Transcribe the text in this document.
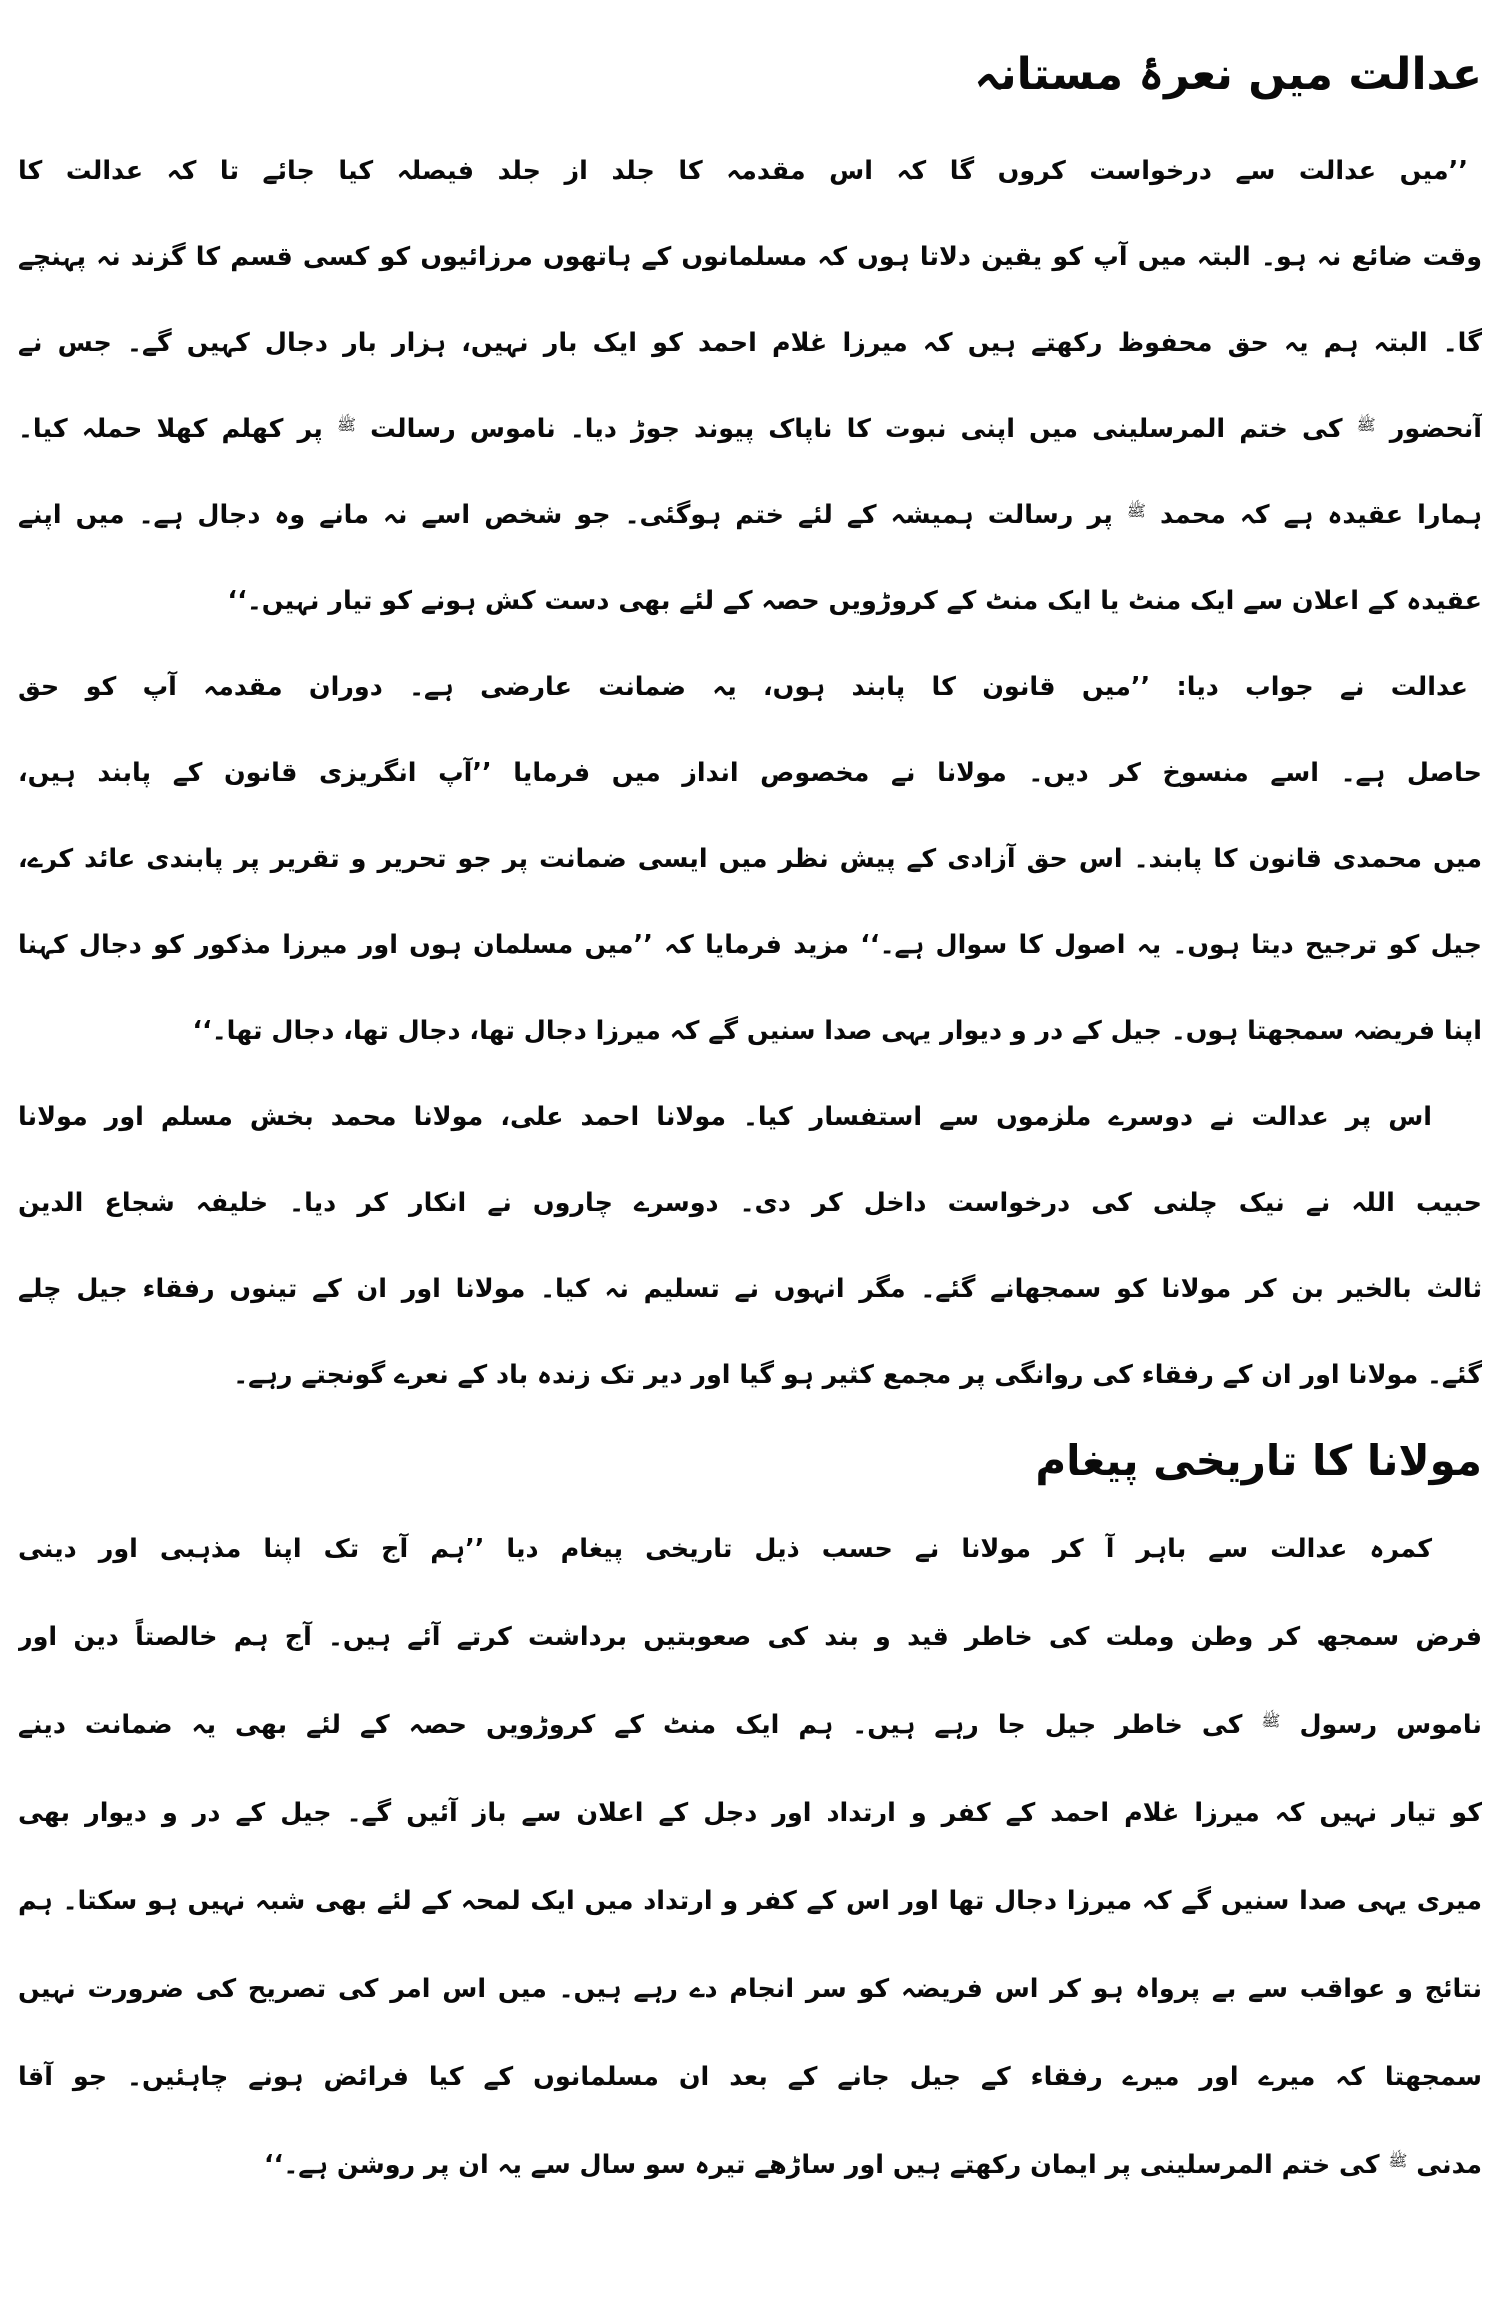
عدالت میں نعرۂ مستانہ
’’میں عدالت سے درخواست کروں گا کہ اس مقدمہ کا جلد از جلد فیصلہ کیا جائے تا کہ عدالت کا
وقت ضائع نہ ہو۔ البتہ میں آپ کو یقین دلاتا ہوں کہ مسلمانوں کے ہاتھوں مرزائیوں کو کسی قسم کا گزند نہ پہنچے
گا۔ البتہ ہم یہ حق محفوظ رکھتے ہیں کہ میرزا غلام احمد کو ایک بار نہیں، ہزار بار دجال کہیں گے۔ جس نے
آنحضور $^ﷺ$ کی ختم المرسلینی میں اپنی نبوت کا ناپاک پیوند جوڑ دیا۔ ناموس رسالت $^ﷺ$ پر کھلم کھلا حملہ کیا۔
ہمارا عقیدہ ہے کہ محمد $^ﷺ$ پر رسالت ہمیشہ کے لئے ختم ہوگئی۔ جو شخص اسے نہ مانے وہ دجال ہے۔ میں اپنے
عقیدہ کے اعلان سے ایک منٹ یا ایک منٹ کے کروڑویں حصہ کے لئے بھی دست کش ہونے کو تیار نہیں۔‘‘
عدالت نے جواب دیا: ’’میں قانون کا پابند ہوں، یہ ضمانت عارضی ہے۔ دوران مقدمہ آپ کو حق
حاصل ہے۔ اسے منسوخ کر دیں۔ مولانا نے مخصوص انداز میں فرمایا ’’آپ انگریزی قانون کے پابند ہیں،
میں محمدی قانون کا پابند۔ اس حق آزادی کے پیش نظر میں ایسی ضمانت پر جو تحریر و تقریر پر پابندی عائد کرے،
جیل کو ترجیح دیتا ہوں۔ یہ اصول کا سوال ہے۔‘‘ مزید فرمایا کہ ’’میں مسلمان ہوں اور میرزا مذکور کو دجال کہنا
اپنا فریضہ سمجھتا ہوں۔ جیل کے در و دیوار یہی صدا سنیں گے کہ میرزا دجال تھا، دجال تھا، دجال تھا۔‘‘
اس پر عدالت نے دوسرے ملزموں سے استفسار کیا۔ مولانا احمد علی، مولانا محمد بخش مسلم اور مولانا
حبیب اللہ نے نیک چلنی کی درخواست داخل کر دی۔ دوسرے چاروں نے انکار کر دیا۔ خلیفہ شجاع الدین
ثالث بالخیر بن کر مولانا کو سمجھانے گئے۔ مگر انہوں نے تسلیم نہ کیا۔ مولانا اور ان کے تینوں رفقاء جیل چلے
گئے۔ مولانا اور ان کے رفقاء کی روانگی پر مجمع کثیر ہو گیا اور دیر تک زندہ باد کے نعرے گونجتے رہے۔
مولانا کا تاریخی پیغام
کمرہ عدالت سے باہر آ کر مولانا نے حسب ذیل تاریخی پیغام دیا ’’ہم آج تک اپنا مذہبی اور دینی
فرض سمجھ کر وطن وملت کی خاطر قید و بند کی صعوبتیں برداشت کرتے آئے ہیں۔ آج ہم خالصتاً دین اور
ناموس رسول $^ﷺ$ کی خاطر جیل جا رہے ہیں۔ ہم ایک منٹ کے کروڑویں حصہ کے لئے بھی یہ ضمانت دینے
کو تیار نہیں کہ میرزا غلام احمد کے کفر و ارتداد اور دجل کے اعلان سے باز آئیں گے۔ جیل کے در و دیوار بھی
میری یہی صدا سنیں گے کہ میرزا دجال تھا اور اس کے کفر و ارتداد میں ایک لمحہ کے لئے بھی شبہ نہیں ہو سکتا۔ ہم
نتائج و عواقب سے بے پرواہ ہو کر اس فریضہ کو سر انجام دے رہے ہیں۔ میں اس امر کی تصریح کی ضرورت نہیں
سمجھتا کہ میرے اور میرے رفقاء کے جیل جانے کے بعد ان مسلمانوں کے کیا فرائض ہونے چاہئیں۔ جو آقا
مدنی $^ﷺ$ کی ختم المرسلینی پر ایمان رکھتے ہیں اور ساڑھے تیرہ سو سال سے یہ ان پر روشن ہے۔‘‘
